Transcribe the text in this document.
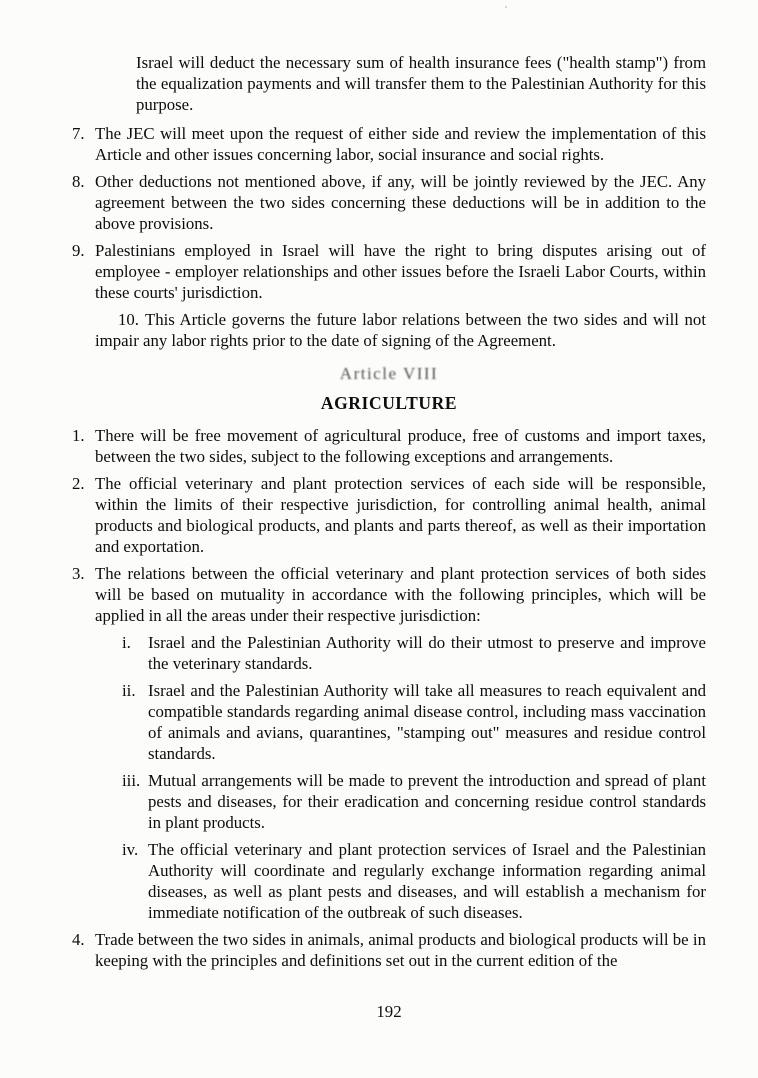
Israel will deduct the necessary sum of health insurance fees ("health stamp") from the equalization payments and will transfer them to the Palestinian Authority for this purpose.
7. The JEC will meet upon the request of either side and review the implementation of this Article and other issues concerning labor, social insurance and social rights.
8. Other deductions not mentioned above, if any, will be jointly reviewed by the JEC. Any agreement between the two sides concerning these deductions will be in addition to the above provisions.
9. Palestinians employed in Israel will have the right to bring disputes arising out of employee - employer relationships and other issues before the Israeli Labor Courts, within these courts' jurisdiction.
10. This Article governs the future labor relations between the two sides and will not impair any labor rights prior to the date of signing of the Agreement.
Article VIII
AGRICULTURE
1. There will be free movement of agricultural produce, free of customs and import taxes, between the two sides, subject to the following exceptions and arrangements.
2. The official veterinary and plant protection services of each side will be responsible, within the limits of their respective jurisdiction, for controlling animal health, animal products and biological products, and plants and parts thereof, as well as their importation and exportation.
3. The relations between the official veterinary and plant protection services of both sides will be based on mutuality in accordance with the following principles, which will be applied in all the areas under their respective jurisdiction:
i. Israel and the Palestinian Authority will do their utmost to preserve and improve the veterinary standards.
ii. Israel and the Palestinian Authority will take all measures to reach equivalent and compatible standards regarding animal disease control, including mass vaccination of animals and avians, quarantines, "stamping out" measures and residue control standards.
iii. Mutual arrangements will be made to prevent the introduction and spread of plant pests and diseases, for their eradication and concerning residue control standards in plant products.
iv. The official veterinary and plant protection services of Israel and the Palestinian Authority will coordinate and regularly exchange information regarding animal diseases, as well as plant pests and diseases, and will establish a mechanism for immediate notification of the outbreak of such diseases.
4. Trade between the two sides in animals, animal products and biological products will be in keeping with the principles and definitions set out in the current edition of the
192
